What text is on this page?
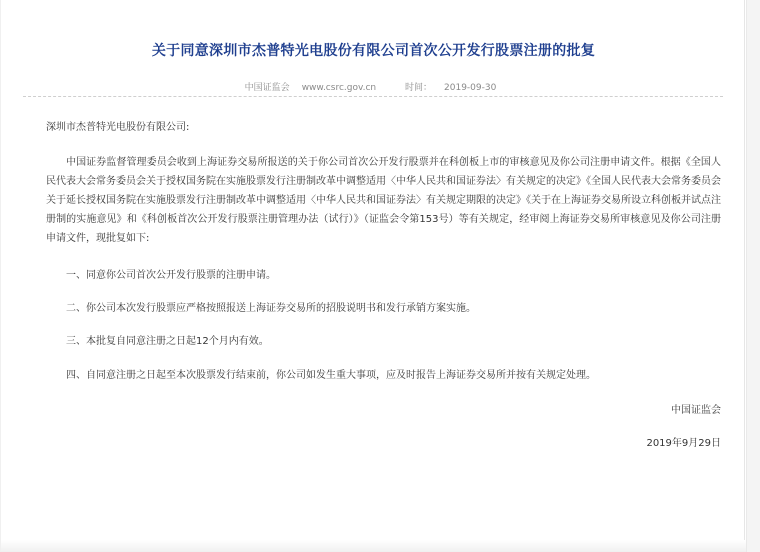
关于同意深圳市杰普特光电股份有限公司首次公开发行股票注册的批复
中国证监会 www.csrc.gov.cn	时间： 2019-09-30
深圳市杰普特光电股份有限公司:
中国证券监督管理委员会收到上海证券交易所报送的关于你公司首次公开发行股票并在科创板上市的审核意见及你公司注册申请文件。根据《全国人民代表大会常务委员会关于授权国务院在实施股票发行注册制改革中调整适用〈中华人民共和国证券法〉有关规定的决定》《全国人民代表大会常务委员会关于延长授权国务院在实施股票发行注册制改革中调整适用〈中华人民共和国证券法〉有关规定期限的决定》《关于在上海证券交易所设立科创板并试点注册制的实施意见》和《科创板首次公开发行股票注册管理办法（试行）》（证监会令第153号）等有关规定，经审阅上海证券交易所审核意见及你公司注册申请文件，现批复如下:
一、同意你公司首次公开发行股票的注册申请。
二、你公司本次发行股票应严格按照报送上海证券交易所的招股说明书和发行承销方案实施。
三、本批复自同意注册之日起12个月内有效。
四、自同意注册之日起至本次股票发行结束前，你公司如发生重大事项，应及时报告上海证券交易所并按有关规定处理。
中国证监会
2019年9月29日
